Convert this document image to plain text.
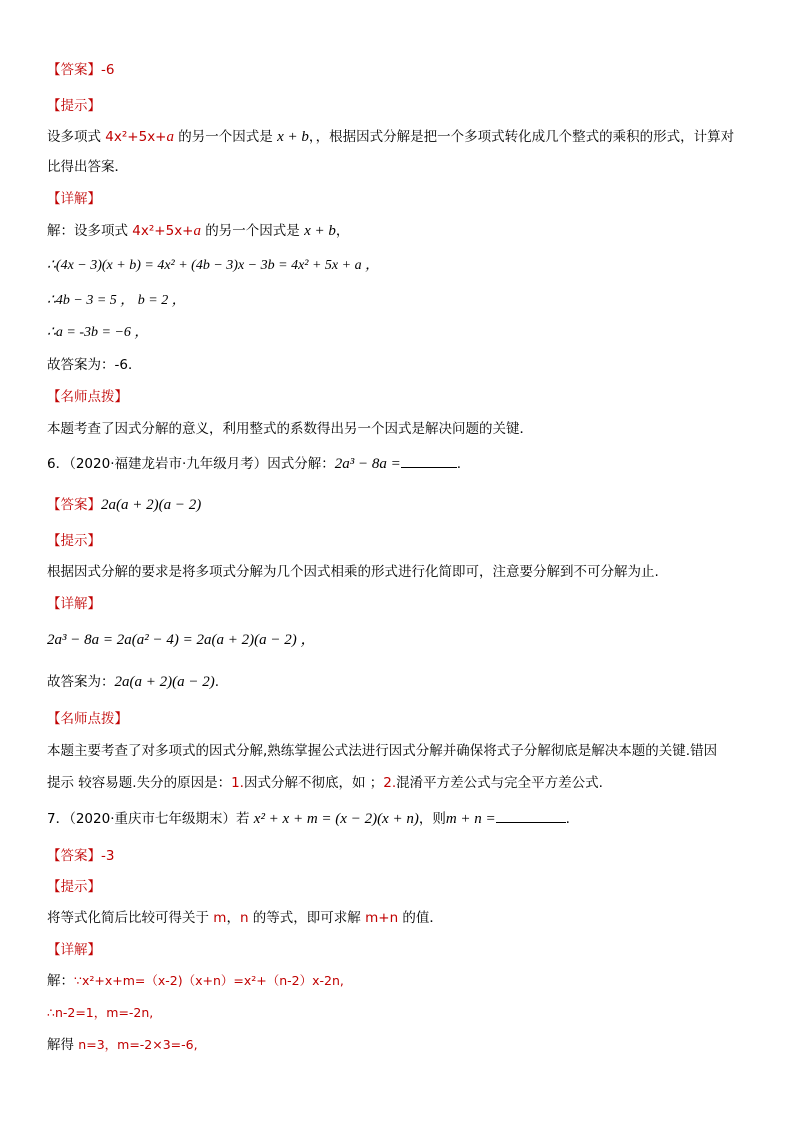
【答案】-6
【提示】
设多项式 4x²+5x+a 的另一个因式是 x + b，，根据因式分解是把一个多项式转化成几个整式的乘积的形式，计算对
比得出答案．
【详解】
解：设多项式 4x²+5x+a 的另一个因式是 x + b，
∴(4x − 3)(x + b) = 4x² + (4b − 3)x − 3b = 4x² + 5x + a ，
∴4b − 3 = 5 ， b = 2 ，
∴a = -3b = −6 ，
故答案为：-6．
【名师点拨】
本题考查了因式分解的意义，利用整式的系数得出另一个因式是解决问题的关键．
6．（2020·福建龙岩市·九年级月考）因式分解：2a³ − 8a =	.
【答案】2a(a + 2)(a − 2)
【提示】
根据因式分解的要求是将多项式分解为几个因式相乘的形式进行化简即可，注意要分解到不可分解为止.
【详解】
2a³ − 8a = 2a(a² − 4) = 2a(a + 2)(a − 2) ，
故答案为：2a(a + 2)(a − 2).
【名师点拨】
本题主要考查了对多项式的因式分解,熟练掌握公式法进行因式分解并确保将式子分解彻底是解决本题的关键.错因
提示 较容易题.失分的原因是：1.因式分解不彻底，如 ；2.混淆平方差公式与完全平方差公式.
7．（2020·重庆市七年级期末）若 x² + x + m = (x − 2)(x + n)，则m + n =	.
【答案】-3
【提示】
将等式化简后比较可得关于 m，n 的等式，即可求解 m+n 的值．
【详解】
解：∵x²+x+m=（x-2)（x+n）=x²+（n-2）x-2n,
∴n-2=1，m=-2n,
解得 n=3，m=-2×3=-6,
